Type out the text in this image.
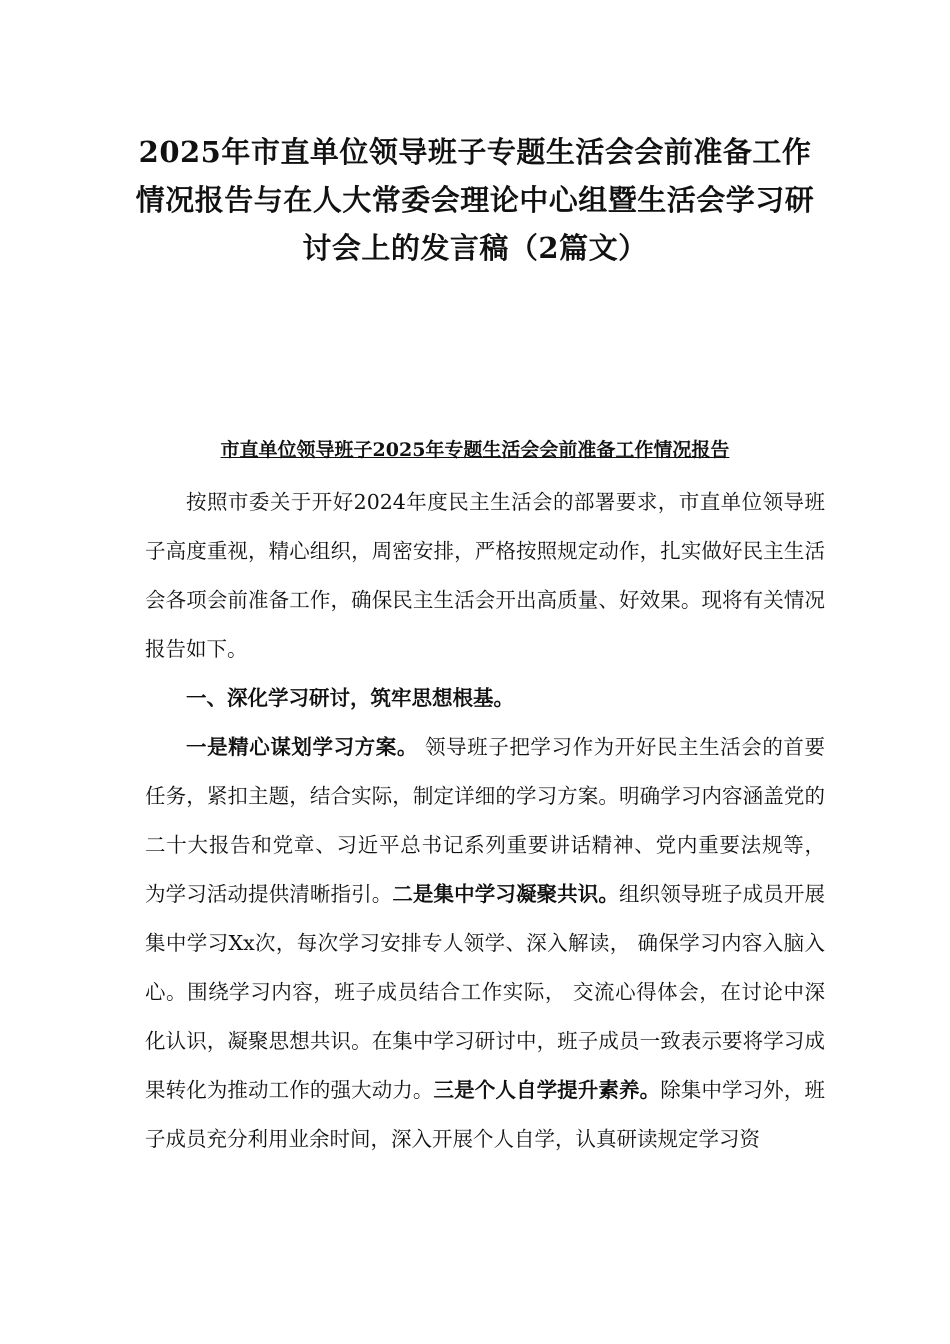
2025年市直单位领导班子专题生活会会前准备工作
情况报告与在人大常委会理论中心组暨生活会学习研
讨会上的发言稿（2篇文）
市直单位领导班子2025年专题生活会会前准备工作情况报告

按照市委关于开好2024年度民主生活会的部署要求，市直单位领导班子高度重视，精心组织，周密安排，严格按照规定动作，扎实做好民主生活会各项会前准备工作，确保民主生活会开出高质量、好效果。现将有关情况报告如下。

一、深化学习研讨，筑牢思想根基。

一是精心谋划学习方案。 领导班子把学习作为开好民主生活会的首要任务，紧扣主题，结合实际，制定详细的学习方案。明确学习内容涵盖党的二十大报告和党章、习近平总书记系列重要讲话精神、党内重要法规等， 为学习活动提供清晰指引。二是集中学习凝聚共识。组织领导班子成员开展集中学习Xx次，每次学习安排专人领学、深入解读， 确保学习内容入脑入心。围绕学习内容，班子成员结合工作实际， 交流心得体会，在讨论中深化认识，凝聚思想共识。在集中学习研讨中，班子成员一致表示要将学习成果转化为推动工作的强大动力。三是个人自学提升素养。除集中学习外，班子成员充分利用业余时间，深入开展个人自学，认真研读规定学习资
